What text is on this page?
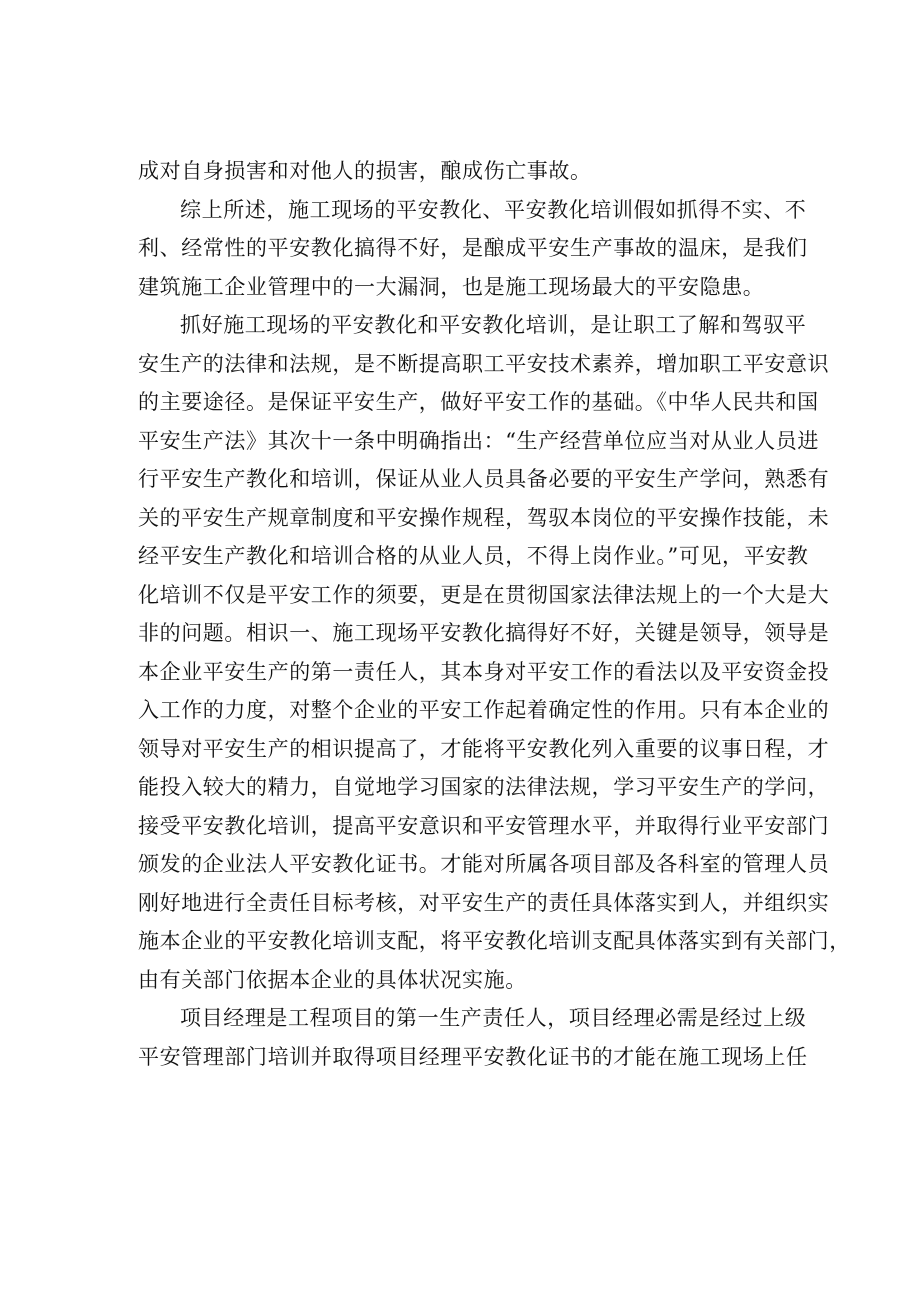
成对自身损害和对他人的损害，酿成伤亡事故。
综上所述，施工现场的平安教化、平安教化培训假如抓得不实、不
利、经常性的平安教化搞得不好，是酿成平安生产事故的温床，是我们
建筑施工企业管理中的一大漏洞，也是施工现场最大的平安隐患。
抓好施工现场的平安教化和平安教化培训，是让职工了解和驾驭平
安生产的法律和法规，是不断提高职工平安技术素养，增加职工平安意识
的主要途径。是保证平安生产，做好平安工作的基础。《中华人民共和国
平安生产法》其次十一条中明确指出：“生产经营单位应当对从业人员进
行平安生产教化和培训，保证从业人员具备必要的平安生产学问，熟悉有
关的平安生产规章制度和平安操作规程，驾驭本岗位的平安操作技能，未
经平安生产教化和培训合格的从业人员，不得上岗作业。”可见，平安教
化培训不仅是平安工作的须要，更是在贯彻国家法律法规上的一个大是大
非的问题。相识一、施工现场平安教化搞得好不好，关键是领导，领导是
本企业平安生产的第一责任人，其本身对平安工作的看法以及平安资金投
入工作的力度，对整个企业的平安工作起着确定性的作用。只有本企业的
领导对平安生产的相识提高了，才能将平安教化列入重要的议事日程，才
能投入较大的精力，自觉地学习国家的法律法规，学习平安生产的学问，
接受平安教化培训，提高平安意识和平安管理水平，并取得行业平安部门
颁发的企业法人平安教化证书。才能对所属各项目部及各科室的管理人员
刚好地进行全责任目标考核，对平安生产的责任具体落实到人，并组织实
施本企业的平安教化培训支配，将平安教化培训支配具体落实到有关部门，
由有关部门依据本企业的具体状况实施。
项目经理是工程项目的第一生产责任人，项目经理必需是经过上级
平安管理部门培训并取得项目经理平安教化证书的才能在施工现场上任
